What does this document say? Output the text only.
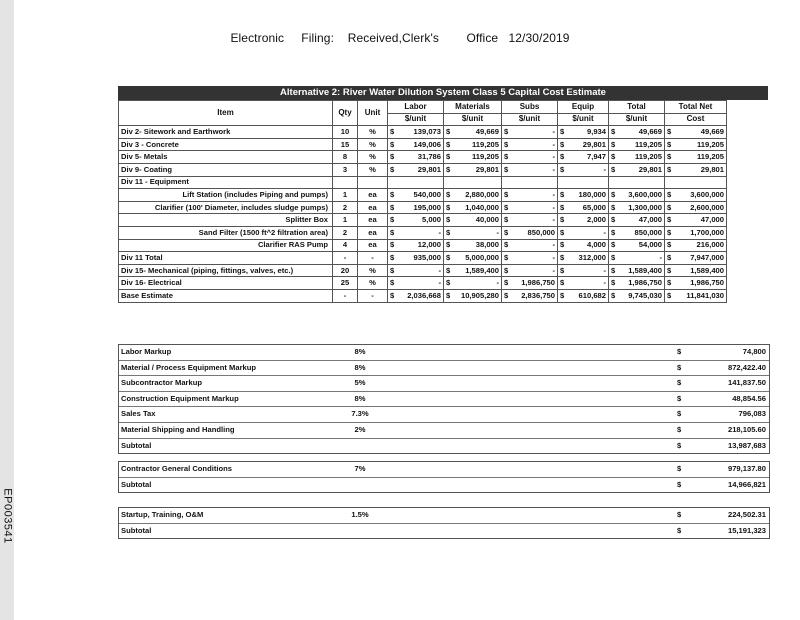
Electronic     Filing:    Received,Clerk's        Office   12/30/2019
EP003541
Alternative 2: River Water Dilution System Class 5 Capital Cost Estimate
Item	Qty	Unit	Labor	Materials	Subs	Equip	Total	Total Net
			$/unit	$/unit	$/unit	$/unit	$/unit	Cost
Div 2- Sitework and Earthwork	10	%	$ 139,073	$ 49,669	$ -	$ 9,934	$ 49,669	$ 49,669

Div 3 - Concrete	15	%	$ 149,006	$ 119,205	$ -	$ 29,801	$ 119,205	$ 119,205

Div 5- Metals	8	%	$ 31,786	$ 119,205	$ -	$ 7,947	$ 119,205	$ 119,205

Div 9- Coating	3	%	$ 29,801	$ 29,801	$ -	$ -	$ 29,801	$ 29,801

Div 11 - Equipment								
Lift Station (includes Piping and pumps)	1	ea	$ 540,000	$ 2,880,000	$ -	$ 180,000	$ 3,600,000	$ 3,600,000

Clarifier (100' Diameter, includes sludge pumps)	2	ea	$ 195,000	$ 1,040,000	$ -	$ 65,000	$ 1,300,000	$ 2,600,000

Splitter Box	1	ea	$ 5,000	$ 40,000	$ -	$ 2,000	$ 47,000	$ 47,000

Sand Filter (1500 ft^2 filtration area)	2	ea	$ -	$ -	$ 850,000	$ -	$ 850,000	$ 1,700,000

Clarifier RAS Pump	4	ea	$ 12,000	$ 38,000	$ -	$ 4,000	$ 54,000	$ 216,000

Div 11 Total	-	-	$ 935,000	$ 5,000,000	$ -	$ 312,000	$ -	$ 7,947,000

Div 15- Mechanical (piping, fittings, valves, etc.)	20	%	$ -	$ 1,589,400	$ -	$ -	$ 1,589,400	$ 1,589,400

Div 16- Electrical	25	%	$ -	$ -	$ 1,986,750	$ -	$ 1,986,750	$ 1,986,750

Base Estimate	-	-	$ 2,036,668	$ 10,905,280	$ 2,836,750	$ 610,682	$ 9,745,030	$ 11,841,030
Labor Markup	8%	$	74,800
Material / Process Equipment Markup	8%	$	872,422.40
Subcontractor Markup	5%	$	141,837.50
Construction Equipment Markup	8%	$	48,854.56
Sales Tax	7.3%	$	796,083
Material Shipping and Handling	2%	$	218,105.60
Subtotal	$	13,987,683
Contractor General Conditions	7%	$	979,137.80
Subtotal	$	14,966,821
Startup, Training, O&M	1.5%	$	224,502.31
Subtotal	$	15,191,323
